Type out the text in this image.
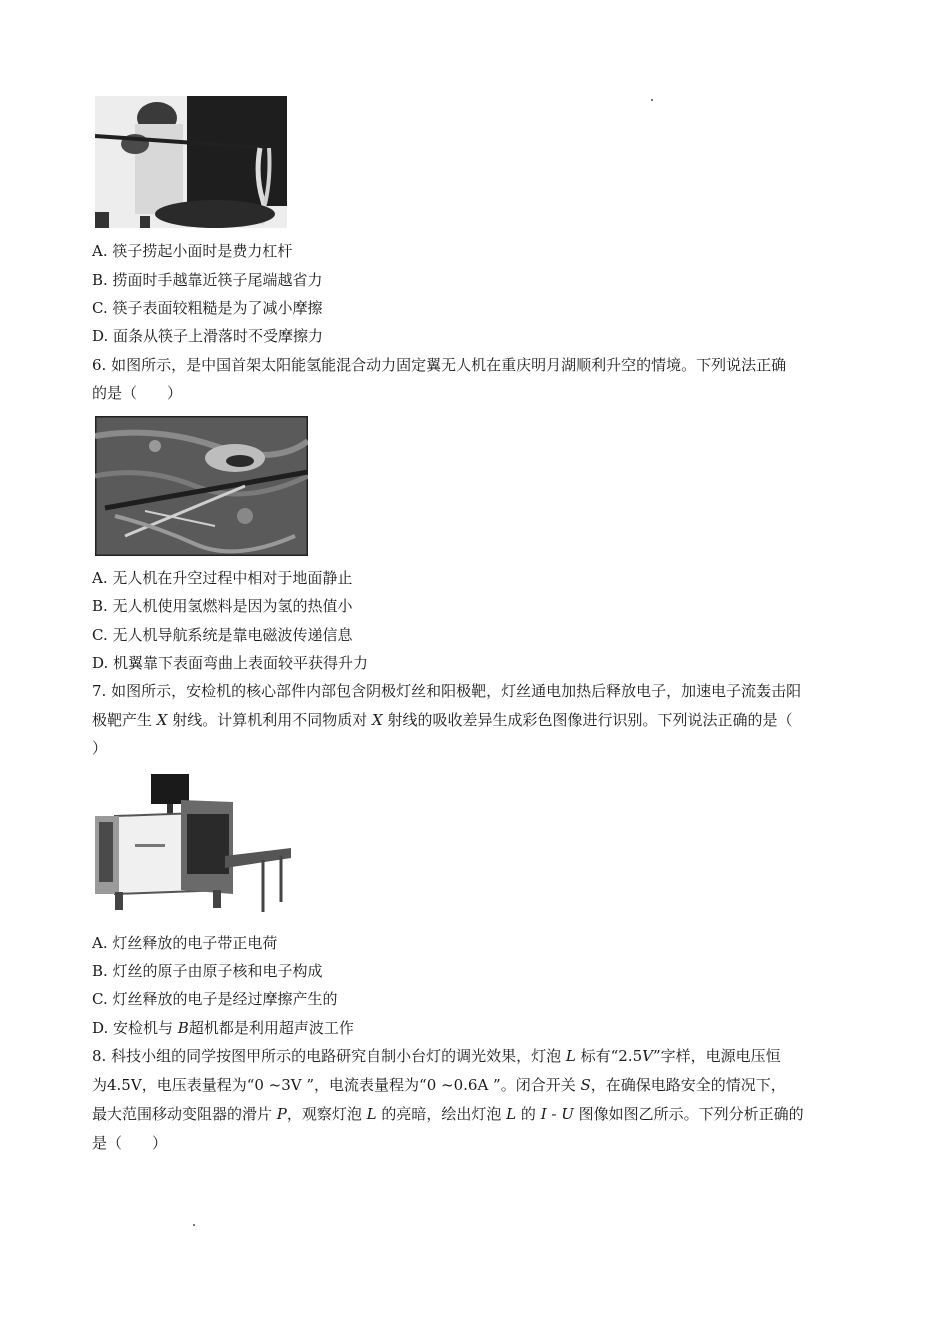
A. 筷子捞起小面时是费力杠杆
B. 捞面时手越靠近筷子尾端越省力
C. 筷子表面较粗糙是为了减小摩擦
D. 面条从筷子上滑落时不受摩擦力
6. 如图所示，是中国首架太阳能氢能混合动力固定翼无人机在重庆明月湖顺利升空的情境。下列说法正确
的是（　　）
A. 无人机在升空过程中相对于地面静止
B. 无人机使用氢燃料是因为氢的热值小
C. 无人机导航系统是靠电磁波传递信息
D. 机翼靠下表面弯曲上表面较平获得升力
7. 如图所示，安检机的核心部件内部包含阴极灯丝和阳极靶，灯丝通电加热后释放电子，加速电子流轰击阳
极靶产生 X 射线。计算机利用不同物质对 X 射线的吸收差异生成彩色图像进行识别。下列说法正确的是（
）
A. 灯丝释放的电子带正电荷
B. 灯丝的原子由原子核和电子构成
C. 灯丝释放的电子是经过摩擦产生的
D. 安检机与 B超机都是利用超声波工作
8. 科技小组的同学按图甲所示的电路研究自制小台灯的调光效果，灯泡 L 标有“2.5V”字样，电源电压恒
为4.5V，电压表量程为“0 ~3V ”，电流表量程为“0 ~0.6A ”。闭合开关 S，在确保电路安全的情况下，
最大范围移动变阻器的滑片 P，观察灯泡 L 的亮暗，绘出灯泡 L 的 I - U 图像如图乙所示。下列分析正确的
是（　　）
